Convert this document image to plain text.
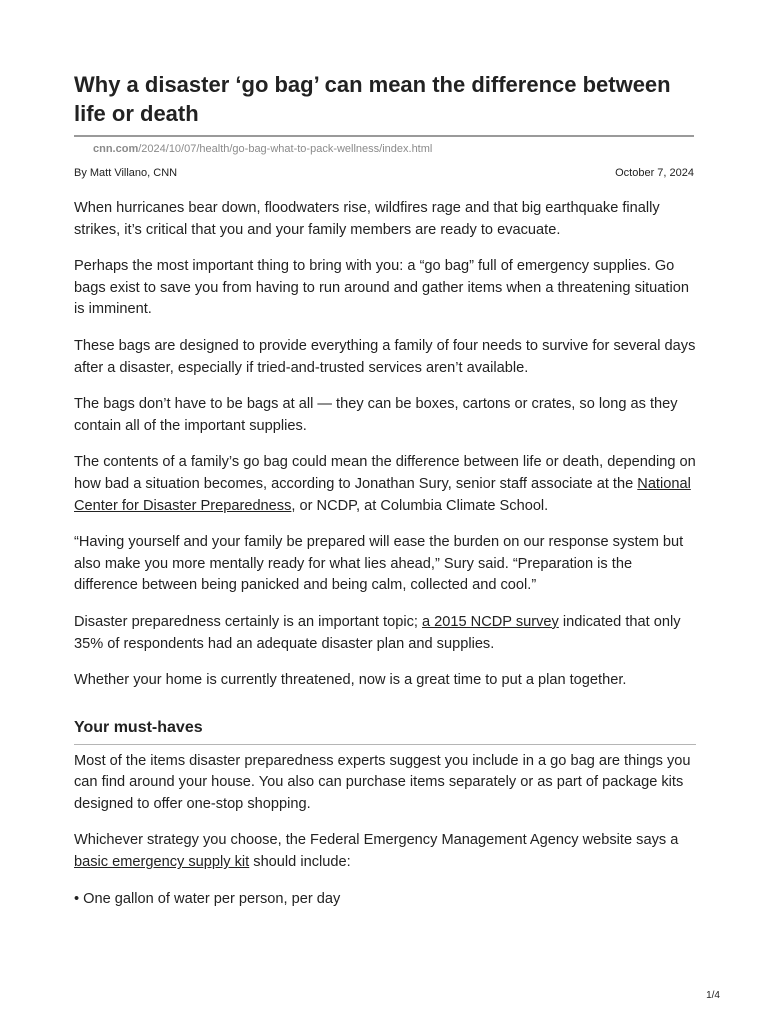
Why a disaster ‘go bag’ can mean the difference between life or death
cnn.com/2024/10/07/health/go-bag-what-to-pack-wellness/index.html
By Matt Villano, CNN	October 7, 2024

When hurricanes bear down, floodwaters rise, wildfires rage and that big earthquake finally strikes, it’s critical that you and your family members are ready to evacuate.

Perhaps the most important thing to bring with you: a “go bag” full of emergency supplies. Go bags exist to save you from having to run around and gather items when a threatening situation is imminent.

These bags are designed to provide everything a family of four needs to survive for several days after a disaster, especially if tried-and-trusted services aren’t available.

The bags don’t have to be bags at all — they can be boxes, cartons or crates, so long as they contain all of the important supplies.

The contents of a family’s go bag could mean the difference between life or death, depending on how bad a situation becomes, according to Jonathan Sury, senior staff associate at the National Center for Disaster Preparedness, or NCDP, at Columbia Climate School.

“Having yourself and your family be prepared will ease the burden on our response system but also make you more mentally ready for what lies ahead,” Sury said. “Preparation is the difference between being panicked and being calm, collected and cool.”

Disaster preparedness certainly is an important topic; a 2015 NCDP survey indicated that only 35% of respondents had an adequate disaster plan and supplies.

Whether your home is currently threatened, now is a great time to put a plan together.

Your must-haves

Most of the items disaster preparedness experts suggest you include in a go bag are things you can find around your house. You also can purchase items separately or as part of package kits designed to offer one-stop shopping.

Whichever strategy you choose, the Federal Emergency Management Agency website says a basic emergency supply kit should include:

• One gallon of water per person, per day

1/4
